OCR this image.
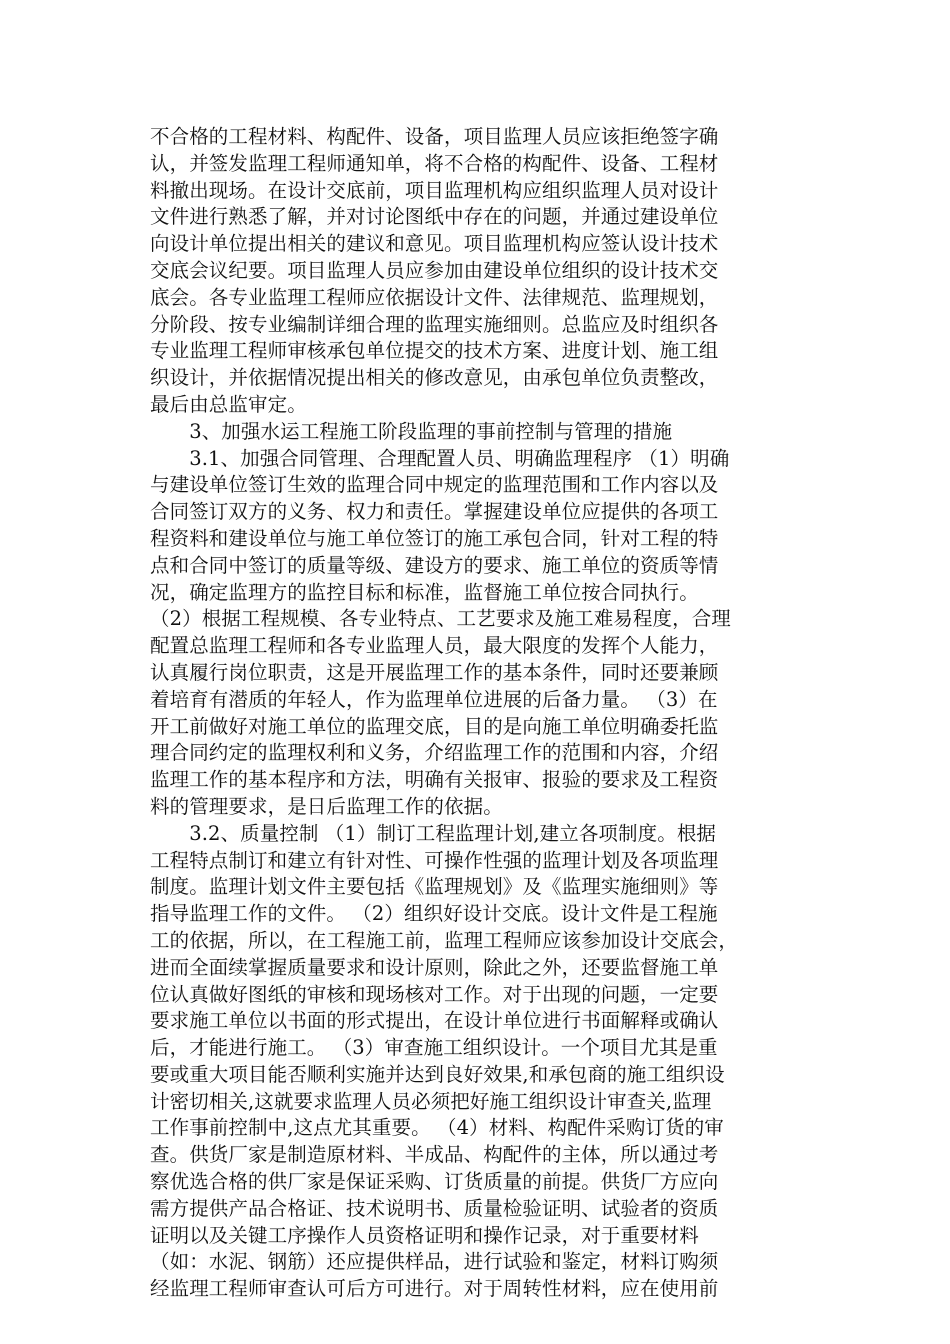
不合格的工程材料、构配件、设备，项目监理人员应该拒绝签字确
认，并签发监理工程师通知单，将不合格的构配件、设备、工程材
料撤出现场。在设计交底前，项目监理机构应组织监理人员对设计
文件进行熟悉了解，并对讨论图纸中存在的问题，并通过建设单位
向设计单位提出相关的建议和意见。项目监理机构应签认设计技术
交底会议纪要。项目监理人员应参加由建设单位组织的设计技术交
底会。各专业监理工程师应依据设计文件、法律规范、监理规划，
分阶段、按专业编制详细合理的监理实施细则。总监应及时组织各
专业监理工程师审核承包单位提交的技术方案、进度计划、施工组
织设计，并依据情况提出相关的修改意见，由承包单位负责整改，
最后由总监审定。
　　3、加强水运工程施工阶段监理的事前控制与管理的措施
　　3.1、加强合同管理、合理配置人员、明确监理程序 （1）明确
与建设单位签订生效的监理合同中规定的监理范围和工作内容以及
合同签订双方的义务、权力和责任。掌握建设单位应提供的各项工
程资料和建设单位与施工单位签订的施工承包合同，针对工程的特
点和合同中签订的质量等级、建设方的要求、施工单位的资质等情
况，确定监理方的监控目标和标准，监督施工单位按合同执行。
（2）根据工程规模、各专业特点、工艺要求及施工难易程度，合理
配置总监理工程师和各专业监理人员，最大限度的发挥个人能力，
认真履行岗位职责，这是开展监理工作的基本条件，同时还要兼顾
着培育有潜质的年轻人，作为监理单位进展的后备力量。 （3）在
开工前做好对施工单位的监理交底，目的是向施工单位明确委托监
理合同约定的监理权利和义务，介绍监理工作的范围和内容，介绍
监理工作的基本程序和方法，明确有关报审、报验的要求及工程资
料的管理要求，是日后监理工作的依据。
　　3.2、质量控制 （1）制订工程监理计划,建立各项制度。根据
工程特点制订和建立有针对性、可操作性强的监理计划及各项监理
制度。监理计划文件主要包括《监理规划》及《监理实施细则》等
指导监理工作的文件。 （2）组织好设计交底。设计文件是工程施
工的依据，所以，在工程施工前，监理工程师应该参加设计交底会，
进而全面续掌握质量要求和设计原则，除此之外，还要监督施工单
位认真做好图纸的审核和现场核对工作。对于出现的问题，一定要
要求施工单位以书面的形式提出，在设计单位进行书面解释或确认
后，才能进行施工。 （3）审查施工组织设计。一个项目尤其是重
要或重大项目能否顺利实施并达到良好效果,和承包商的施工组织设
计密切相关,这就要求监理人员必须把好施工组织设计审查关,监理
工作事前控制中,这点尤其重要。 （4）材料、构配件采购订货的审
查。供货厂家是制造原材料、半成品、构配件的主体，所以通过考
察优选合格的供厂家是保证采购、订货质量的前提。供货厂方应向
需方提供产品合格证、技术说明书、质量检验证明、试验者的资质
证明以及关键工序操作人员资格证明和操作记录，对于重要材料
（如：水泥、钢筋）还应提供样品，进行试验和鉴定，材料订购须
经监理工程师审查认可后方可进行。对于周转性材料，应在使用前
